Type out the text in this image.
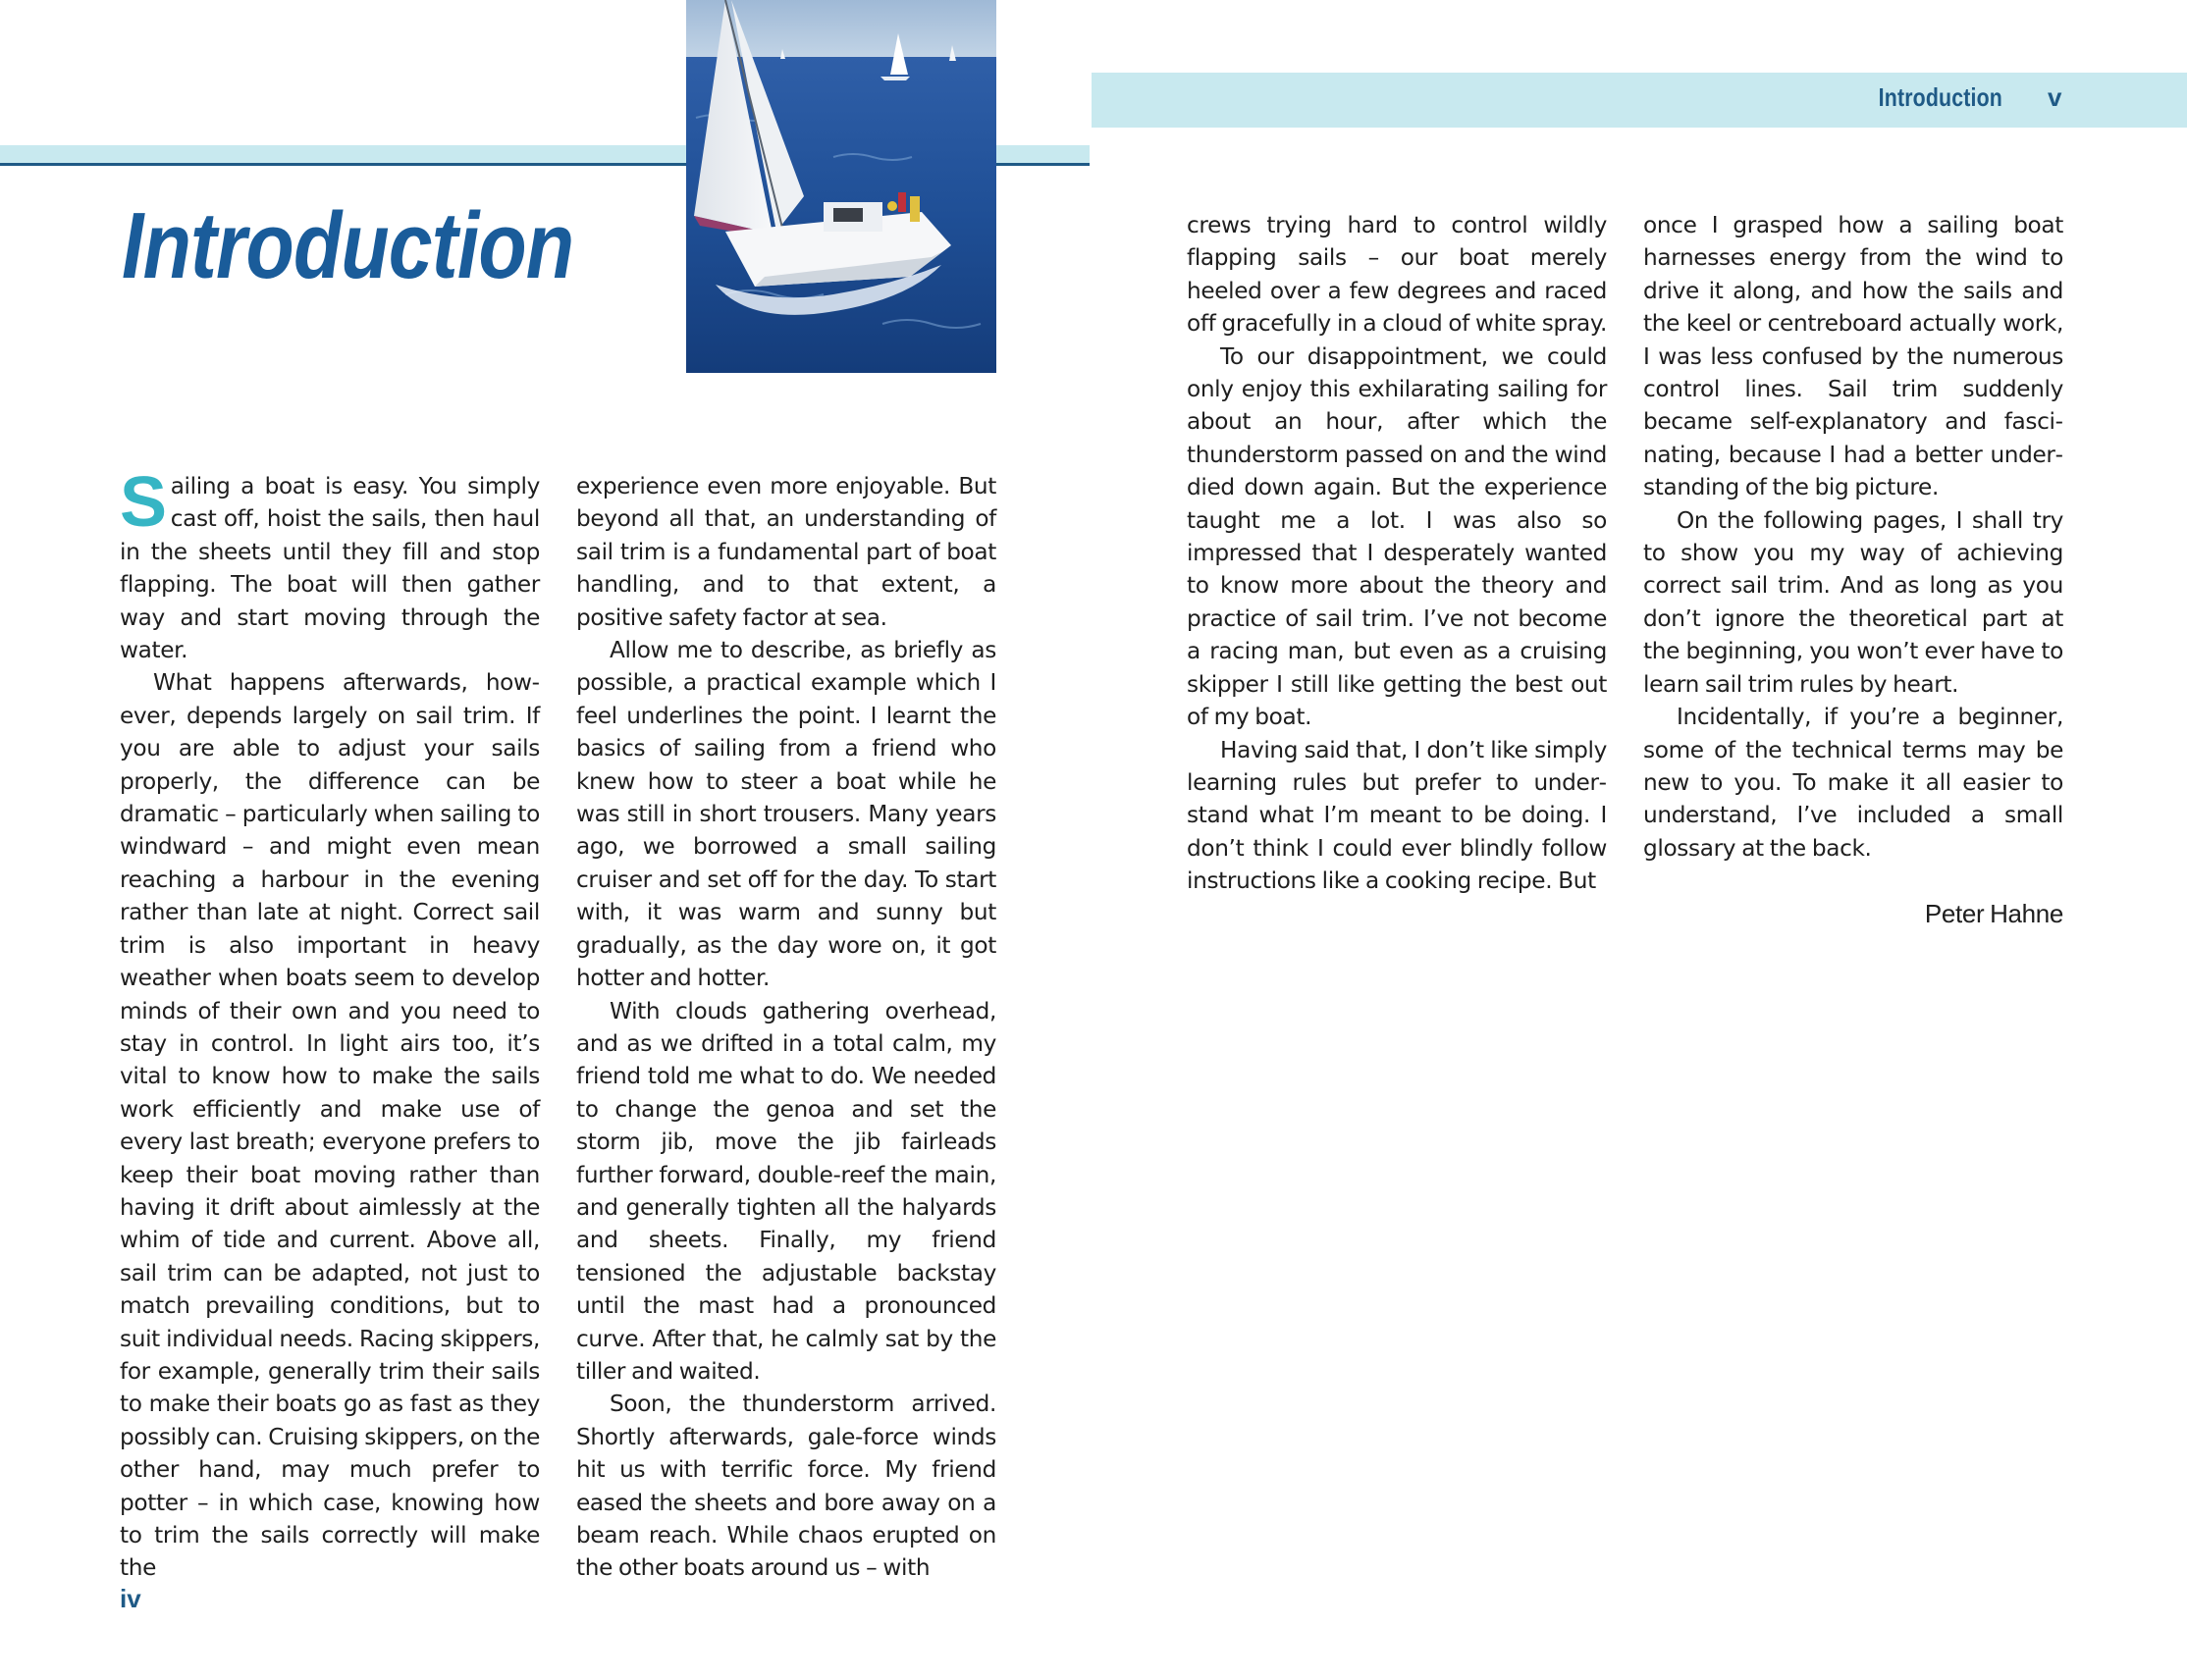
Introduction v
Introduction

Sailing a boat is easy. You simply cast off, hoist the sails, then haul in the sheets until they fill and stop flapping. The boat will then gather way and start moving through the water.

What happens afterwards, however, depends largely on sail trim. If you are able to adjust your sails properly, the difference can be dramatic – particularly when sailing to windward – and might even mean reaching a harbour in the evening rather than late at night. Correct sail trim is also important in heavy weather when boats seem to develop minds of their own and you need to stay in control. In light airs too, it’s vital to know how to make the sails work efficiently and make use of every last breath; everyone prefers to keep their boat moving rather than having it drift about aimlessly at the whim of tide and current. Above all, sail trim can be adapted, not just to match prevailing conditions, but to suit individual needs. Racing skippers, for example, generally trim their sails to make their boats go as fast as they possibly can. Cruising skippers, on the other hand, may much prefer to potter – in which case, knowing how to trim the sails correctly will make the

experience even more enjoyable. But beyond all that, an understanding of sail trim is a fundamental part of boat handling, and to that extent, a positive safety factor at sea.

Allow me to describe, as briefly as possible, a practical example which I feel underlines the point. I learnt the basics of sailing from a friend who knew how to steer a boat while he was still in short trousers. Many years ago, we borrowed a small sailing cruiser and set off for the day. To start with, it was warm and sunny but gradually, as the day wore on, it got hotter and hotter.

With clouds gathering overhead, and as we drifted in a total calm, my friend told me what to do. We needed to change the genoa and set the storm jib, move the jib fairleads further forward, double-reef the main, and generally tighten all the halyards and sheets. Finally, my friend tensioned the adjustable backstay until the mast had a pronounced curve. After that, he calmly sat by the tiller and waited.

Soon, the thunderstorm arrived. Shortly afterwards, gale-force winds hit us with terrific force. My friend eased the sheets and bore away on a beam reach. While chaos erupted on the other boats around us – with

crews trying hard to control wildly flapping sails – our boat merely heeled over a few degrees and raced off gracefully in a cloud of white spray.

To our disappointment, we could only enjoy this exhilarating sailing for about an hour, after which the thunderstorm passed on and the wind died down again. But the experience taught me a lot. I was also so impressed that I desperately wanted to know more about the theory and practice of sail trim. I’ve not become a racing man, but even as a cruising skipper I still like getting the best out of my boat.

Having said that, I don’t like simply learning rules but prefer to understand what I’m meant to be doing. I don’t think I could ever blindly follow instructions like a cooking recipe. But

once I grasped how a sailing boat harnesses energy from the wind to drive it along, and how the sails and the keel or centreboard actually work, I was less confused by the numerous control lines. Sail trim suddenly became self-explanatory and fascinating, because I had a better understanding of the big picture.

On the following pages, I shall try to show you my way of achieving correct sail trim. And as long as you don’t ignore the theoretical part at the beginning, you won’t ever have to learn sail trim rules by heart.

Incidentally, if you’re a beginner, some of the technical terms may be new to you. To make it all easier to understand, I’ve included a small glossary at the back.

Peter Hahne
iv
